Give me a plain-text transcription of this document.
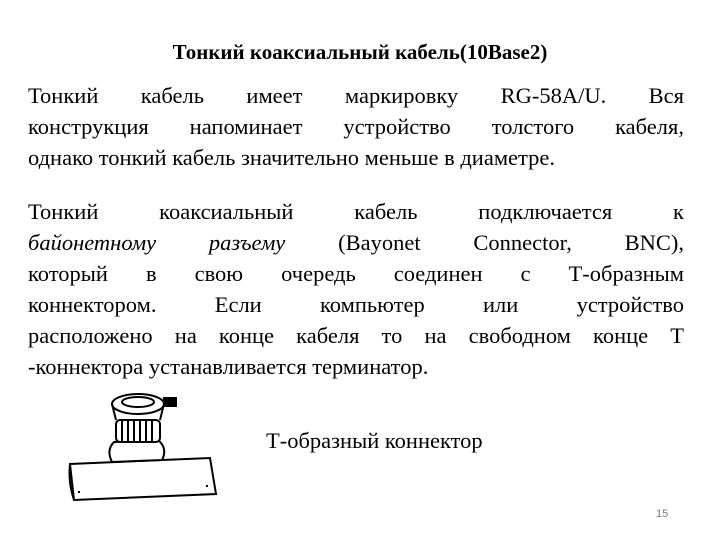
Тонкий коаксиальный кабель(10Base2)
Тонкий кабель имеет маркировку RG-58A/U. Вся
конструкция напоминает устройство толстого кабеля,
однако тонкий кабель значительно меньше в диаметре.
Тонкий коаксиальный кабель подключается к
байонетному разъему (Bayonet Connector, BNC),
который в свою очередь соединен с Т-образным
коннектором. Если компьютер или устройство
расположено на конце кабеля то на свободном конце Т
-коннектора устанавливается терминатор.
Т-образный коннектор
15
